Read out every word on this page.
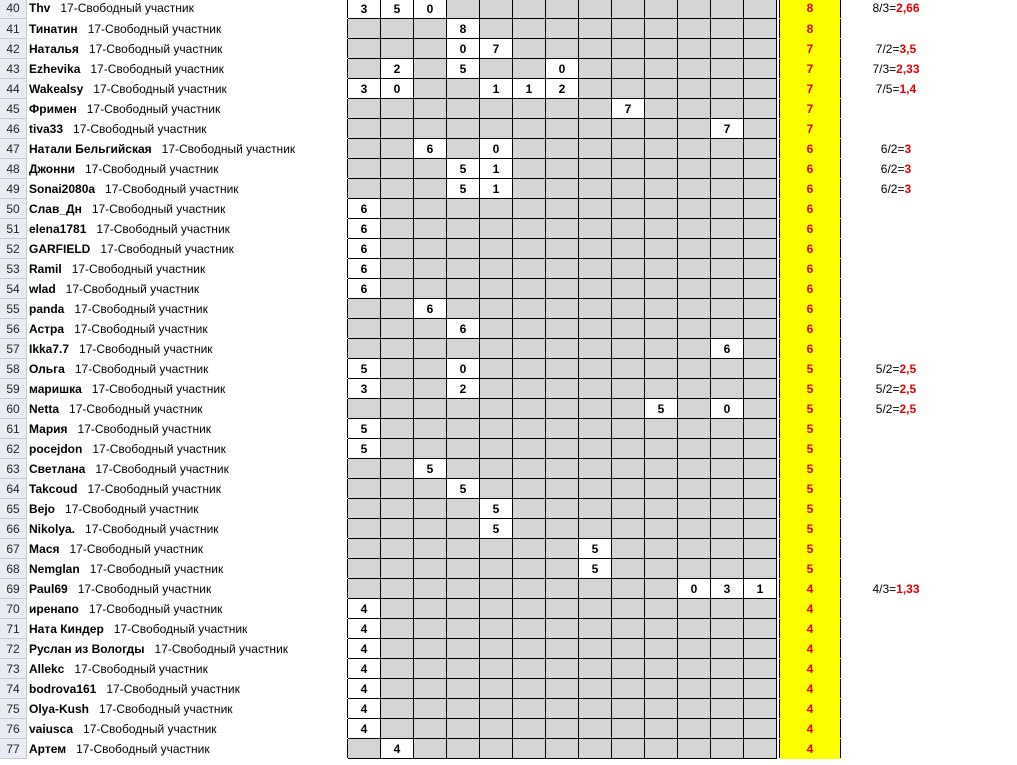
40	Thv 17-Свободный участник	3	5	0												8	8/3=2,66	
41	Тинатин 17-Свободный участник				8											8		
42	Наталья 17-Свободный участник				0	7										7	7/2=3,5	
43	Ezhevika 17-Свободный участник		2		5			0								7	7/3=2,33	
44	Wakealsy 17-Свободный участник	3	0			1	1	2								7	7/5=1,4	
45	Фримен 17-Свободный участник									7						7		
46	tiva33 17-Свободный участник												7			7		
47	Натали Бельгийская 17-Свободный участник			6		0										6	6/2=3	
48	Джонни 17-Свободный участник				5	1										6	6/2=3	
49	Sonai2080a 17-Свободный участник				5	1										6	6/2=3	
50	Слав_Дн 17-Свободный участник	6														6		
51	elena1781 17-Свободный участник	6														6		
52	GARFIELD 17-Свободный участник	6														6		
53	Ramil 17-Свободный участник	6														6		
54	wlad 17-Свободный участник	6														6		
55	panda 17-Свободный участник			6												6		
56	Астра 17-Свободный участник				6											6		
57	Ikka7.7 17-Свободный участник												6			6		
58	Ольга 17-Свободный участник	5			0											5	5/2=2,5	
59	маришка 17-Свободный участник	3			2											5	5/2=2,5	
60	Netta 17-Свободный участник										5		0			5	5/2=2,5	
61	Мария 17-Свободный участник	5														5		
62	pocejdon 17-Свободный участник	5														5		
63	Светлана 17-Свободный участник			5												5		
64	Takcoud 17-Свободный участник				5											5		
65	Bejo 17-Свободный участник					5										5		
66	Nikolya. 17-Свободный участник					5										5		
67	Мася 17-Свободный участник								5							5		
68	Nemglan 17-Свободный участник								5							5		
69	Paul69 17-Свободный участник											0	3	1		4	4/3=1,33	
70	иренапо 17-Свободный участник	4														4		
71	Ната Киндер 17-Свободный участник	4														4		
72	Руслан из Вологды 17-Свободный участник	4														4		
73	Allekc 17-Свободный участник	4														4		
74	bodrova161 17-Свободный участник	4														4		
75	Olya-Kush 17-Свободный участник	4														4		
76	vaiusca 17-Свободный участник	4														4		
77	Артем 17-Свободный участник		4													4		
